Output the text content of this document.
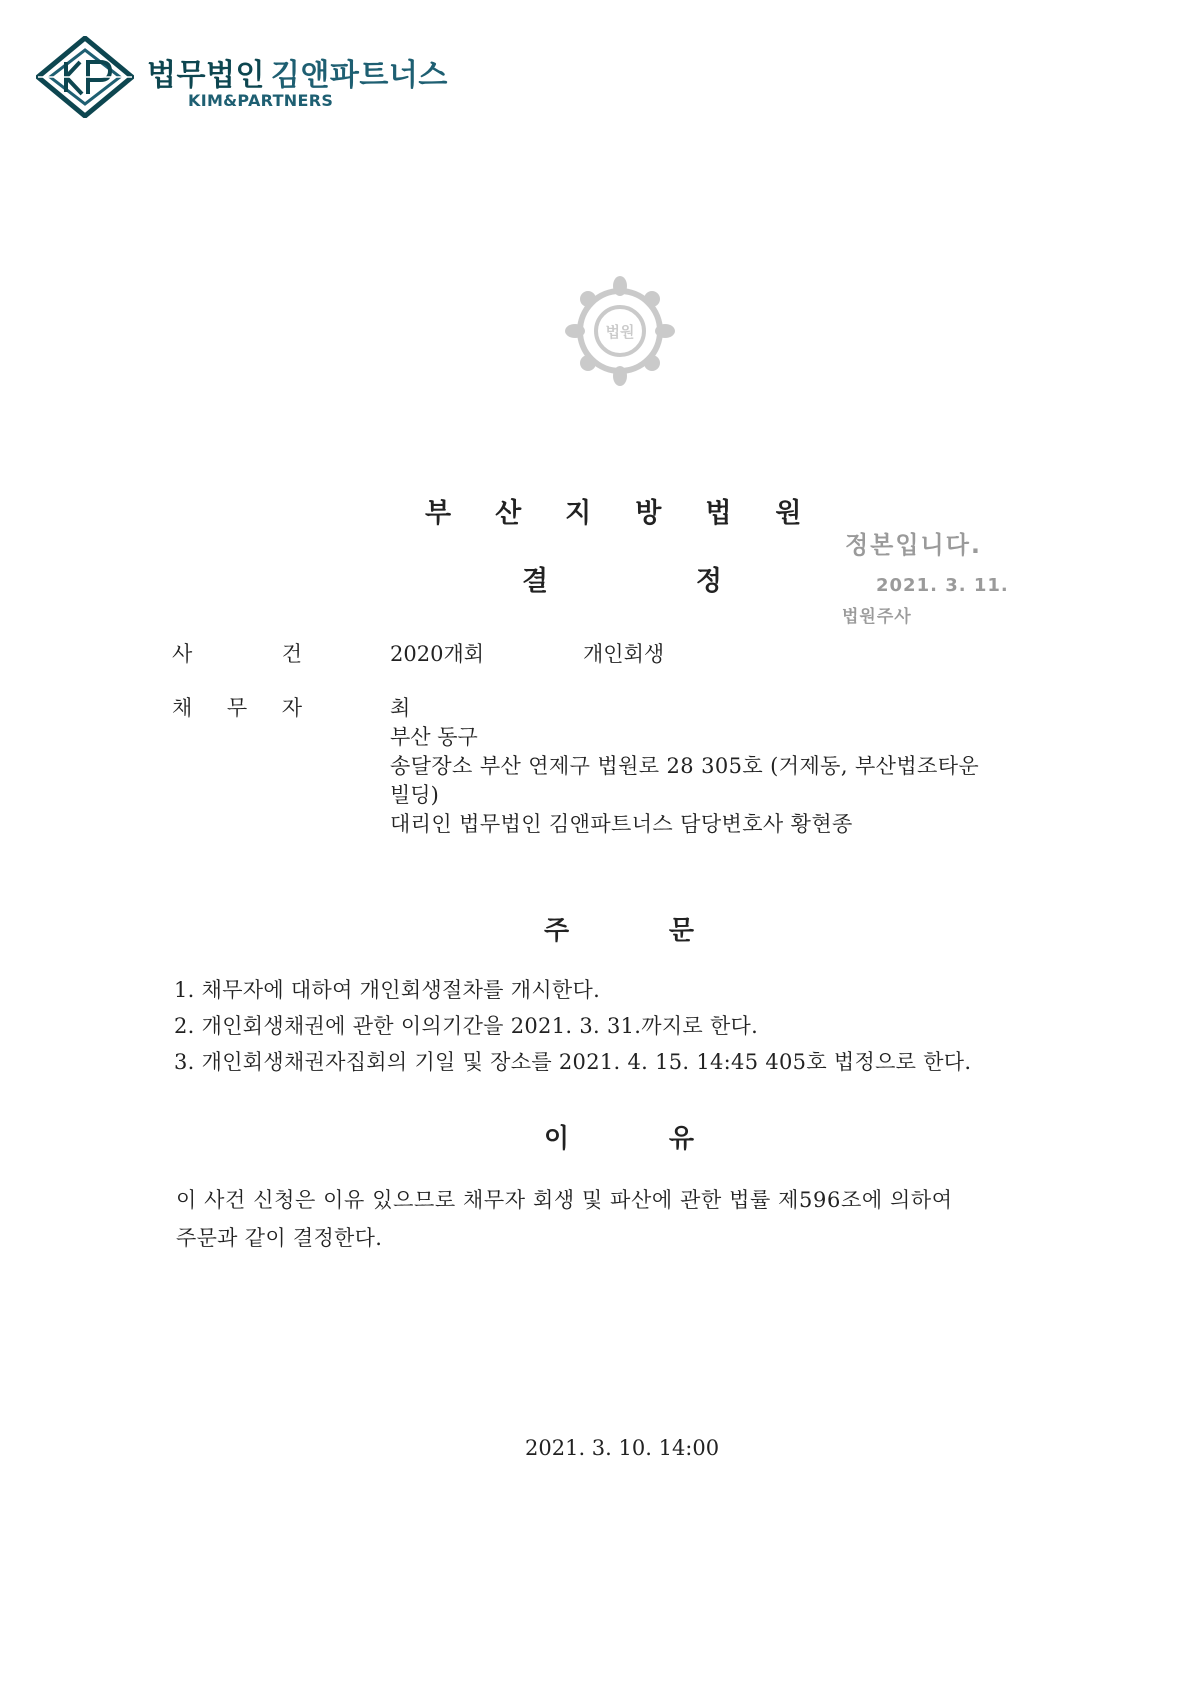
법무법인 김앤파트너스
KIM&PARTNERS
법원
부산지방법원
결	정
정본입니다.
2021. 3. 11.
법원주사
사	건	2020개회	개인회생
채 무 자	최
부산 동구
송달장소 부산 연제구 법원로 28 305호 (거제동, 부산법조타운
빌딩)
대리인 법무법인 김앤파트너스 담당변호사 황현종
주	문
1. 채무자에 대하여 개인회생절차를 개시한다.
2. 개인회생채권에 관한 이의기간을 2021. 3. 31.까지로 한다.
3. 개인회생채권자집회의 기일 및 장소를 2021. 4. 15. 14:45 405호 법정으로 한다.
이	유
이 사건 신청은 이유 있으므로 채무자 회생 및 파산에 관한 법률 제596조에 의하여
주문과 같이 결정한다.
2021. 3. 10. 14:00
